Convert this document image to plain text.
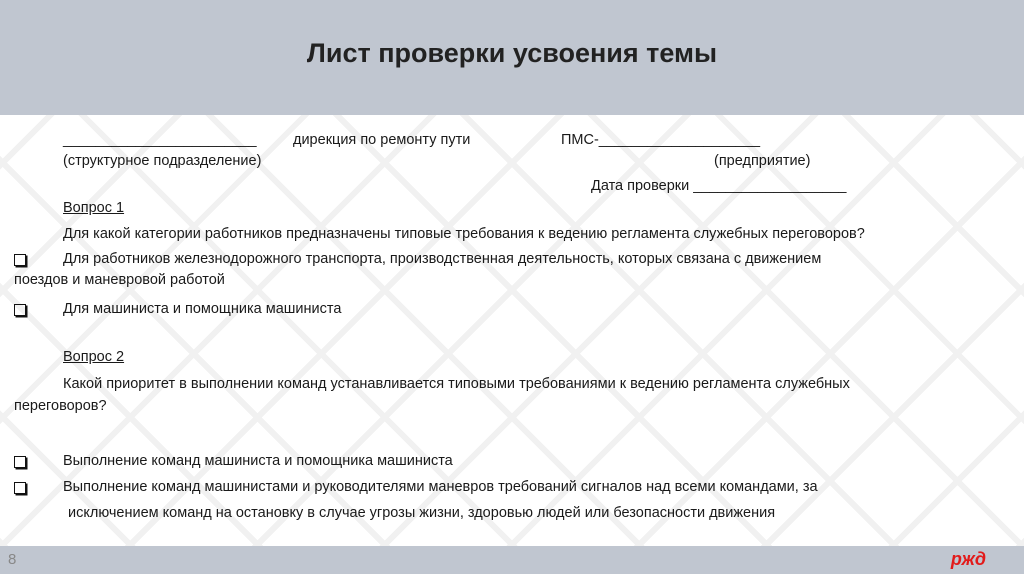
Лист проверки усвоения темы
________________________	дирекция по ремонту пути	ПМС-____________________
(структурное подразделение)	(предприятие)
Дата проверки ___________________
Вопрос 1
Для какой категории работников предназначены типовые требования к ведению регламента служебных переговоров?
Для работников железнодорожного транспорта, производственная деятельность, которых связана с движением
поездов и маневровой работой
Для машиниста и помощника машиниста
Вопрос 2
Какой приоритет в выполнении команд устанавливается типовыми требованиями к ведению регламента служебных
переговоров?
Выполнение команд машиниста и помощника машиниста
Выполнение команд машинистами и руководителями маневров требований сигналов над всеми командами, за
исключением команд на остановку в случае угрозы жизни, здоровью людей или безопасности движения
8	ржд
